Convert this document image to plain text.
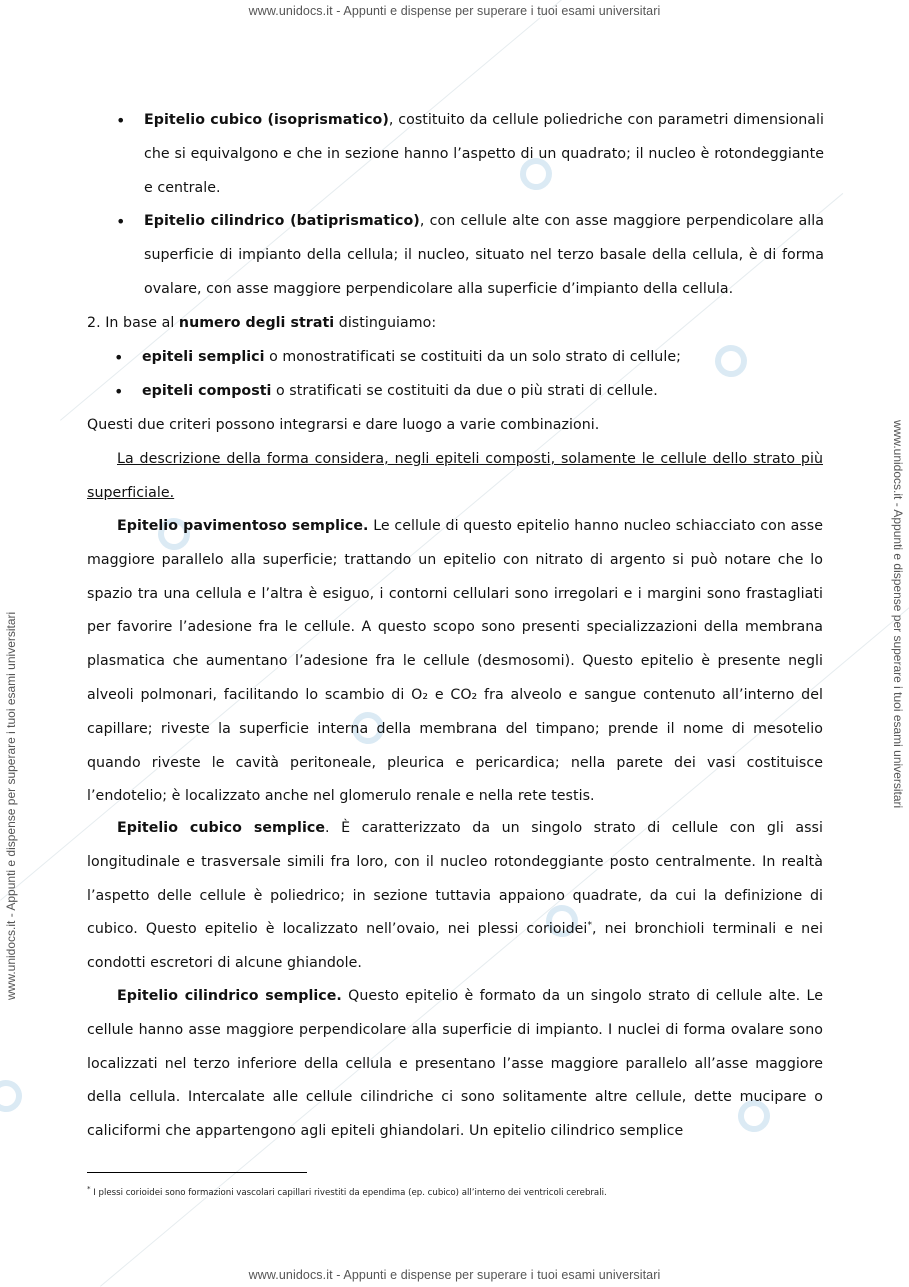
www.unidocs.it - Appunti e dispense per superare i tuoi esami universitari
www.unidocs.it - Appunti e dispense per superare i tuoi esami universitari
www.unidocs.it - Appunti e dispense per superare i tuoi esami universitari	www.unidocs.it - Appunti e dispense per superare i tuoi esami universitari
• Epitelio cubico (isoprismatico), costituito da cellule poliedriche con parametri dimensionali che si equivalgono e che in sezione hanno l’aspetto di un quadrato; il nucleo è rotondeggiante e centrale.
• Epitelio cilindrico (batiprismatico), con cellule alte con asse maggiore perpendicolare alla superficie di impianto della cellula; il nucleo, situato nel terzo basale della cellula, è di forma ovalare, con asse maggiore perpendicolare alla superficie d’impianto della cellula.
2. In base al numero degli strati distinguiamo:
• epiteli semplici o monostratificati se costituiti da un solo strato di cellule;
• epiteli composti o stratificati se costituiti da due o più strati di cellule.
Questi due criteri possono integrarsi e dare luogo a varie combinazioni.
La descrizione della forma considera, negli epiteli composti, solamente le cellule dello strato più superficiale.
Epitelio pavimentoso semplice. Le cellule di questo epitelio hanno nucleo schiacciato con asse maggiore parallelo alla superficie; trattando un epitelio con nitrato di argento si può notare che lo spazio tra una cellula e l’altra è esiguo, i contorni cellulari sono irregolari e i margini sono frastagliati per favorire l’adesione fra le cellule. A questo scopo sono presenti specializzazioni della membrana plasmatica che aumentano l’adesione fra le cellule (desmosomi). Questo epitelio è presente negli alveoli polmonari, facilitando lo scambio di O₂ e CO₂ fra alveolo e sangue contenuto all’interno del capillare; riveste la superficie interna della membrana del timpano; prende il nome di mesotelio quando riveste le cavità peritoneale, pleurica e pericardica; nella parete dei vasi costituisce l’endotelio; è localizzato anche nel glomerulo renale e nella rete testis.
Epitelio cubico semplice. È caratterizzato da un singolo strato di cellule con gli assi longitudinale e trasversale simili fra loro, con il nucleo rotondeggiante posto centralmente. In realtà l’aspetto delle cellule è poliedrico; in sezione tuttavia appaiono quadrate, da cui la definizione di cubico. Questo epitelio è localizzato nell’ovaio, nei plessi corioidei*, nei bronchioli terminali e nei condotti escretori di alcune ghiandole.
Epitelio cilindrico semplice. Questo epitelio è formato da un singolo strato di cellule alte. Le cellule hanno asse maggiore perpendicolare alla superficie di impianto. I nuclei di forma ovalare sono localizzati nel terzo inferiore della cellula e presentano l’asse maggiore parallelo all’asse maggiore della cellula. Intercalate alle cellule cilindriche ci sono solitamente altre cellule, dette mucipare o caliciformi che appartengono agli epiteli ghiandolari. Un epitelio cilindrico semplice
* I plessi corioidei sono formazioni vascolari capillari rivestiti da ependima (ep. cubico) all’interno dei ventricoli cerebrali.
